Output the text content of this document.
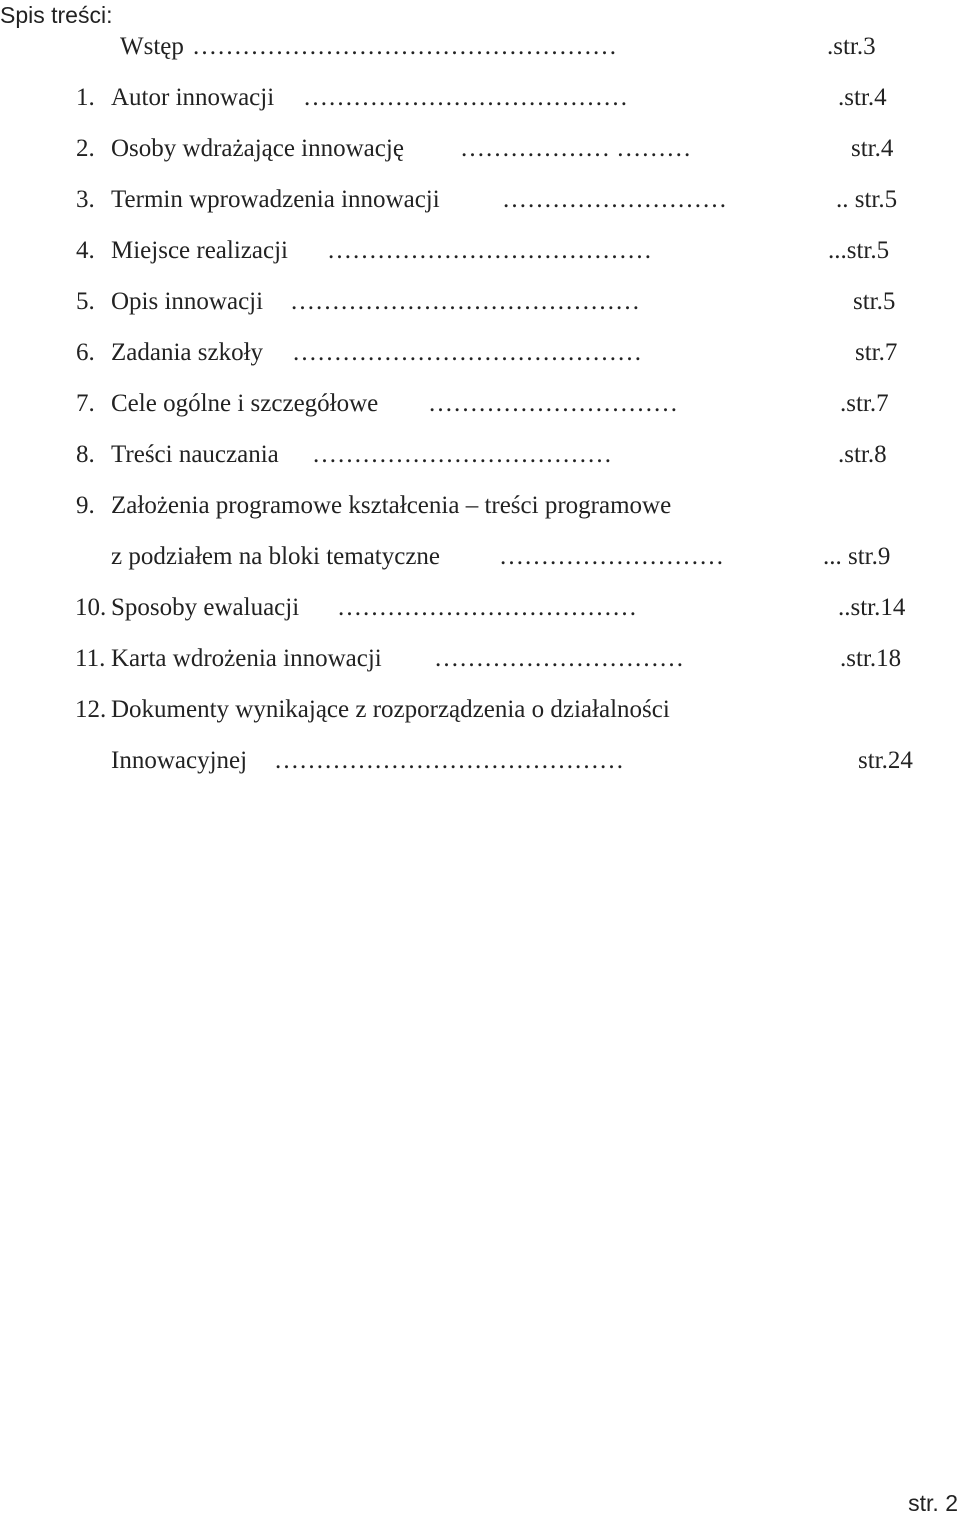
Spis treści:
Wstęp ……………………………………………	.str.3
1. Autor innowacji …………………………………	.str.4
2. Osoby wdrażające innowację ……………… ………	str.4
3. Termin wprowadzenia innowacji ………………………	.. str.5
4. Miejsce realizacji …………………………………	...str.5
5. Opis innowacji ……………………………………	str.5
6. Zadania szkoły ……………………………………	str.7
7. Cele ogólne i szczegółowe …………………………	.str.7
8. Treści nauczania ………………………………	.str.8
9. Założenia programowe kształcenia – treści programowe
z podziałem na bloki tematyczne ………………………	... str.9
10. Sposoby ewaluacji ………………………………	..str.14
11. Karta wdrożenia innowacji …………………………	.str.18
12. Dokumenty wynikające z rozporządzenia o działalności
Innowacyjnej ……………………………………	str.24
str. 2
